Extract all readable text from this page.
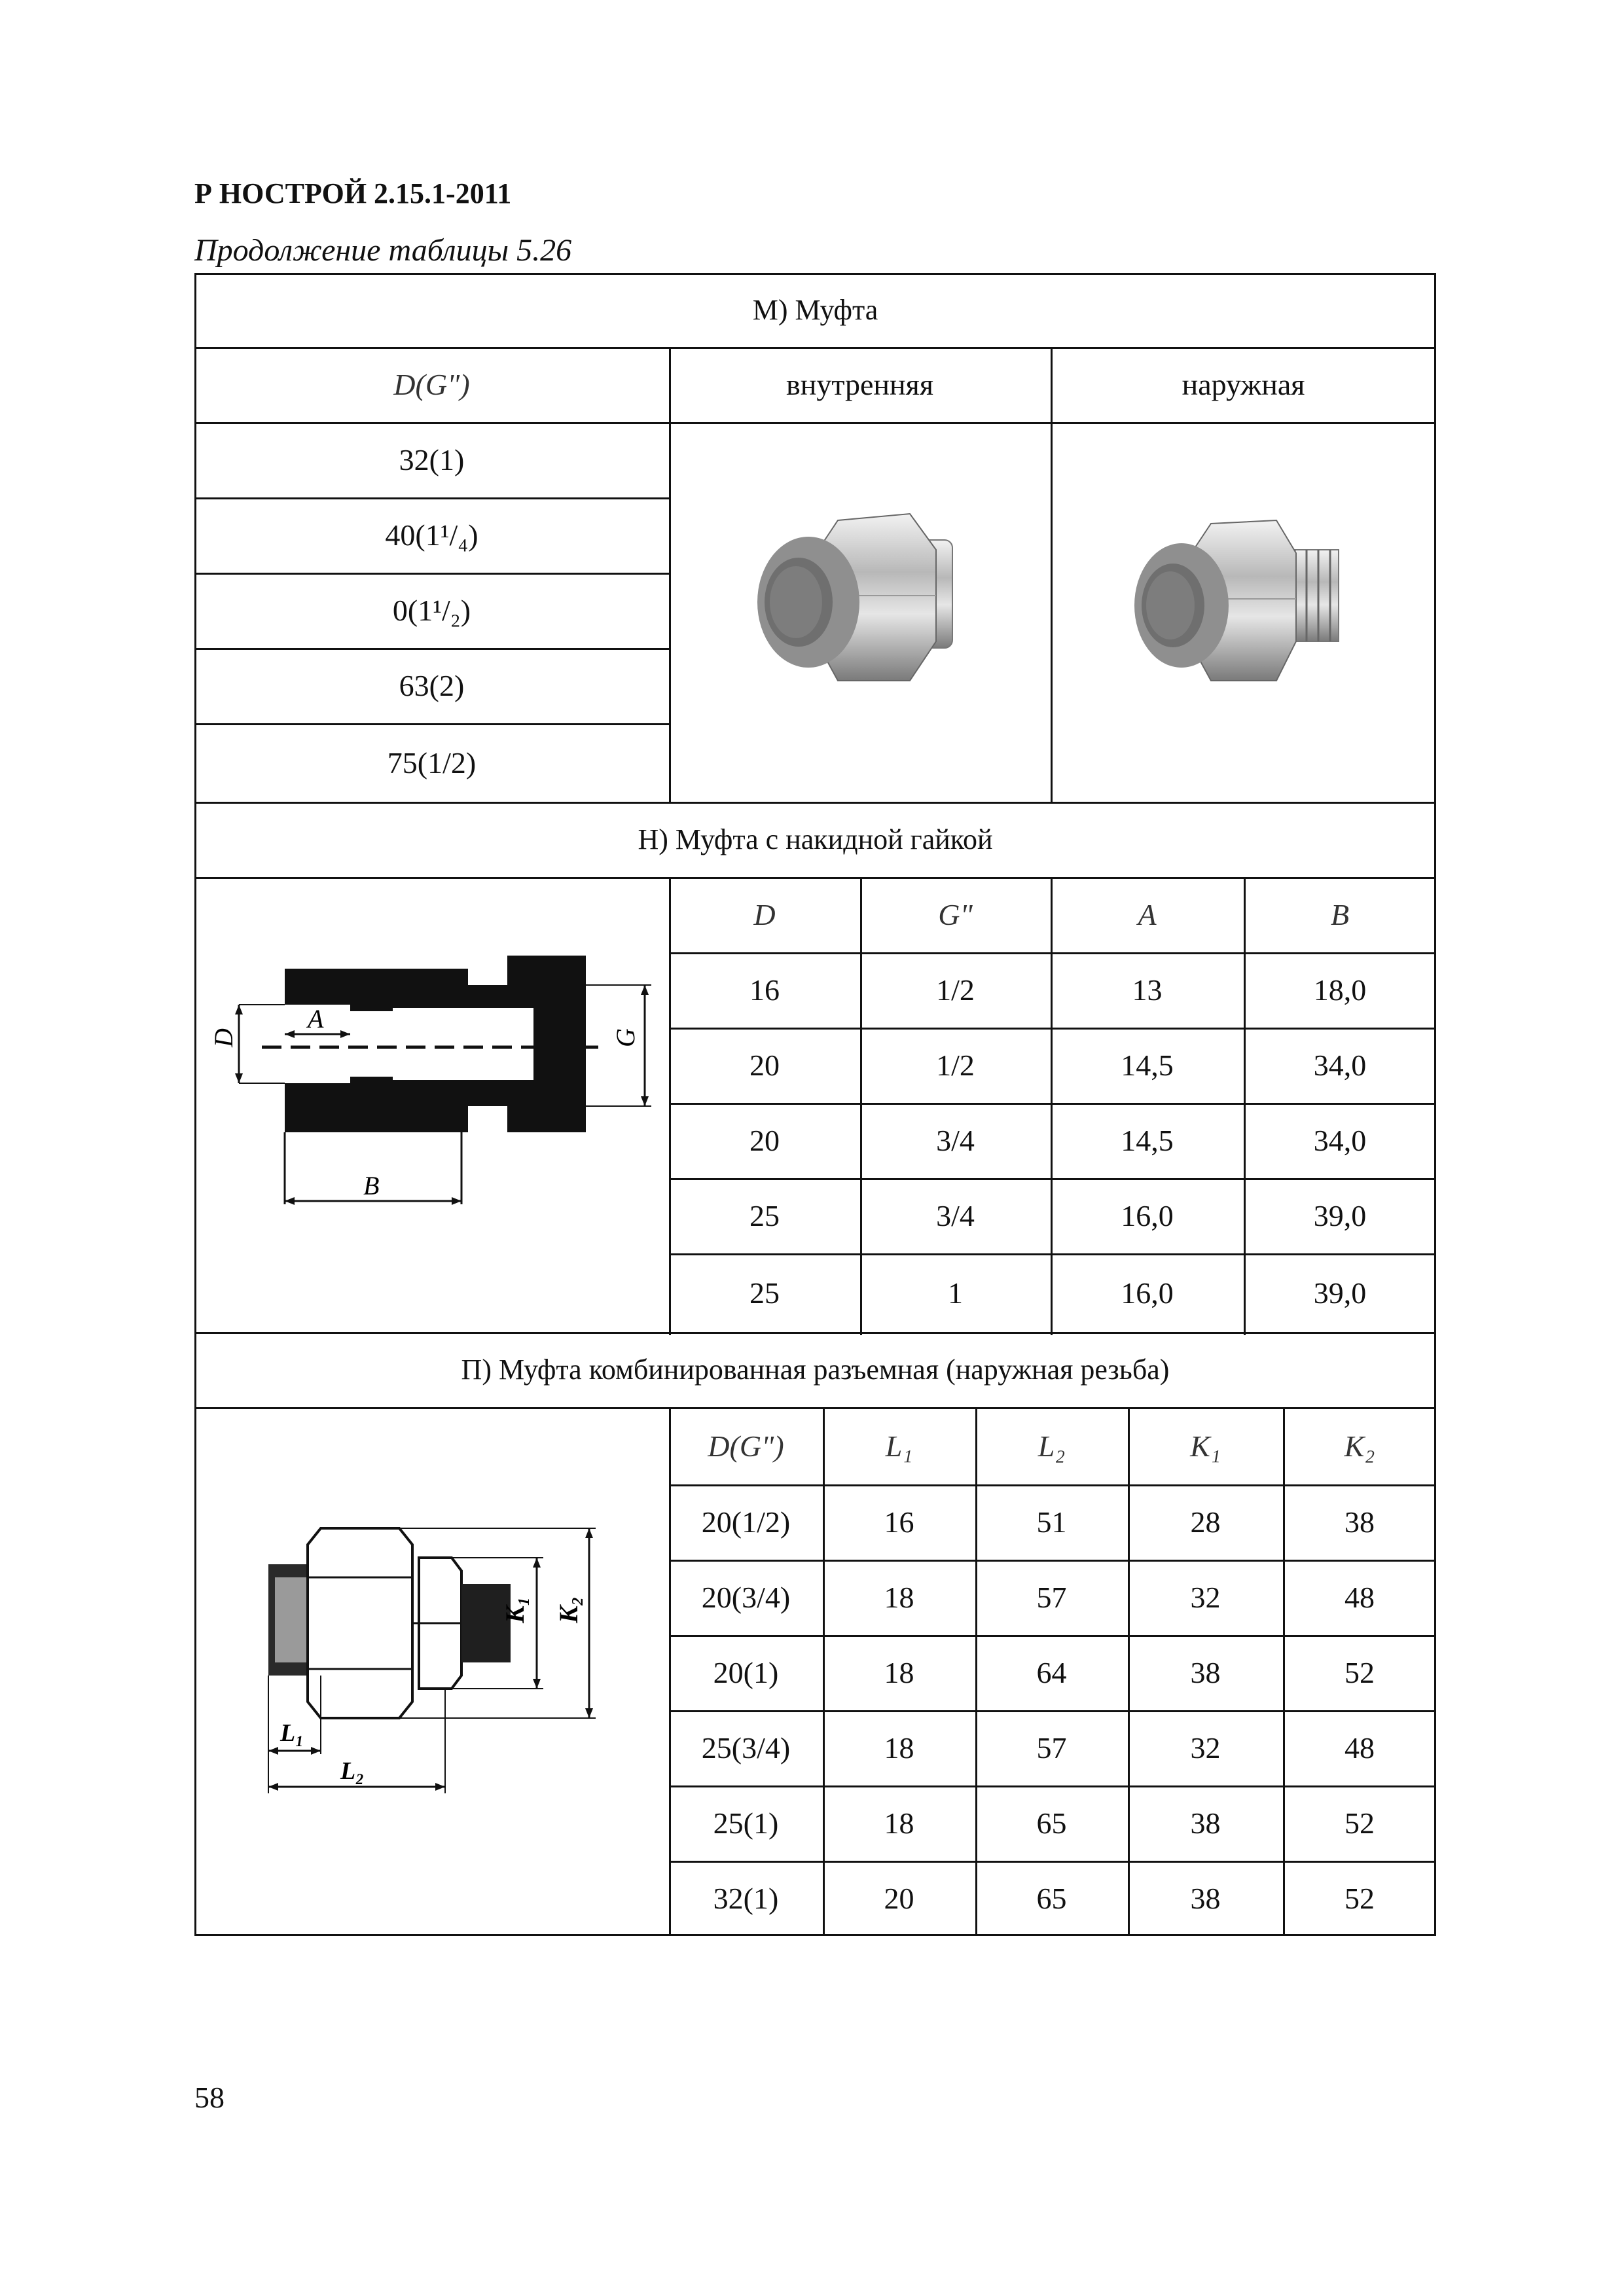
Р НОСТРОЙ 2.15.1-2011
Продолжение таблицы 5.26
М) Муфта
D(G")	внутренняя	наружная
32(1)
40(1¹/₄)
0(1¹/₂)
63(2)
75(1/2)
Н) Муфта с накидной гайкой
D	G"	A	B
16	1/2	13	18,0
20	1/2	14,5	34,0
20	3/4	14,5	34,0
25	3/4	16,0	39,0
25	1	16,0	39,0
D
A
G
B
П) Муфта комбинированная разъемная (наружная резьба)
D(G")	L₁	L₂	K₁	K₂
20(1/2)	16	51	28	38
20(3/4)	18	57	32	48
20(1)	18	64	38	52
25(3/4)	18	57	32	48
25(1)	18	65	38	52
32(1)	20	65	38	52
K₁ K₂
L₁
L₂
58
